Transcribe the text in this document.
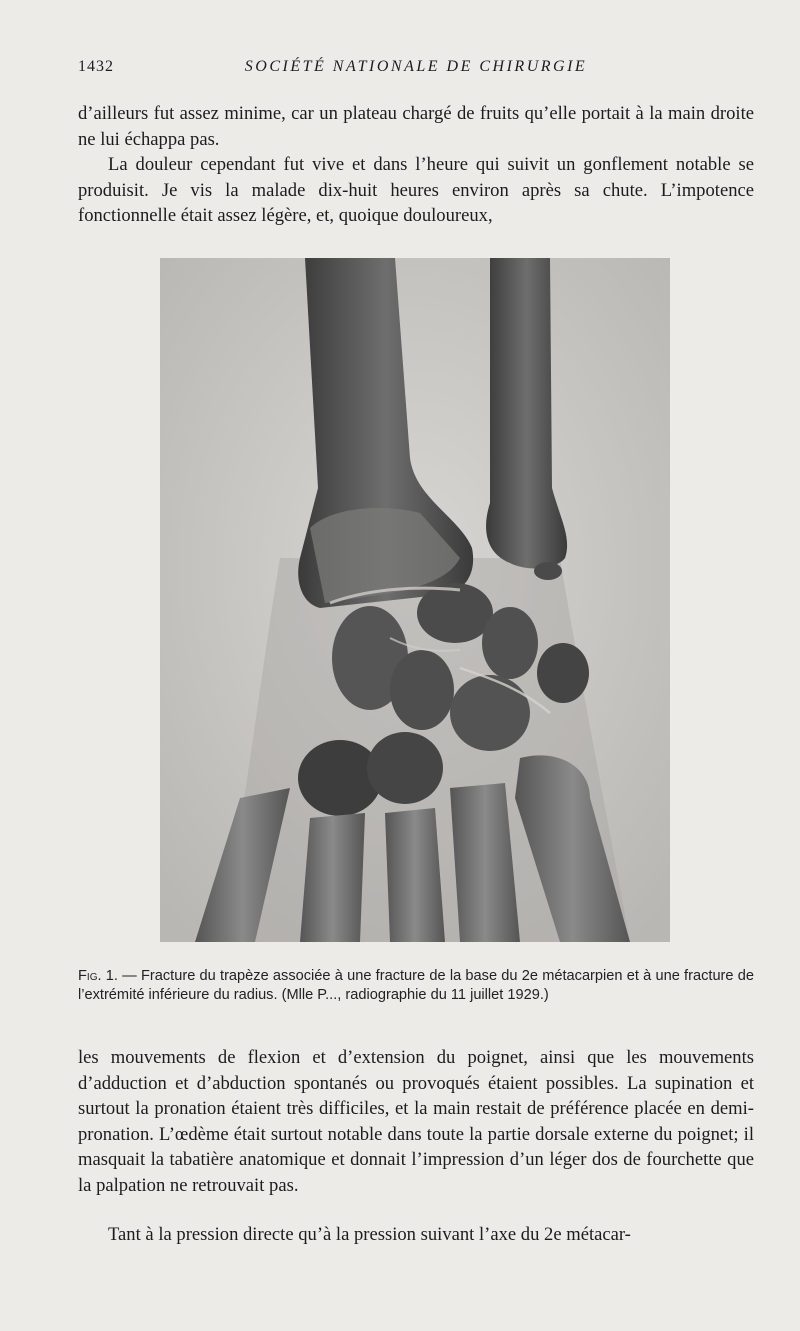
1432	SOCIÉTÉ NATIONALE DE CHIRURGIE

d’ailleurs fut assez minime, car un plateau chargé de fruits qu’elle portait à la main droite ne lui échappa pas.

La douleur cependant fut vive et dans l’heure qui suivit un gonflement notable se produisit. Je vis la malade dix-huit heures environ après sa chute. L’impotence fonctionnelle était assez légère, et, quoique douloureux,

Fig. 1. — Fracture du trapèze associée à une fracture de la base du 2e métacarpien et à une fracture de l’extrémité inférieure du radius. (Mlle P..., radiographie du 11 juillet 1929.)

les mouvements de flexion et d’extension du poignet, ainsi que les mouvements d’adduction et d’abduction spontanés ou provoqués étaient possibles. La supination et surtout la pronation étaient très difficiles, et la main restait de préférence placée en demi-pronation. L’œdème était surtout notable dans toute la partie dorsale externe du poignet; il masquait la tabatière anatomique et donnait l’impression d’un léger dos de fourchette que la palpation ne retrouvait pas.

Tant à la pression directe qu’à la pression suivant l’axe du 2e métacar-
